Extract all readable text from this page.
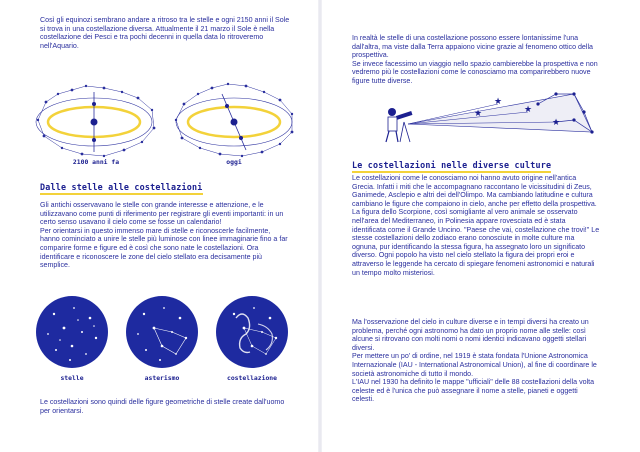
Così gli equinozi sembrano andare a ritroso tra le stelle e ogni 2150 anni il Sole si trova in una costellazione diversa. Attualmente il 21 marzo il Sole è nella costellazione dei Pesci e tra pochi decenni in quella data lo ritroveremo nell'Aquario.
2100 anni fa	oggi
Dalle stelle alle costellazioni

Gli antichi osservavano le stelle con grande interesse e attenzione, e le utilizzavano come punti di riferimento per registrare gli eventi importanti: in un certo senso usavano il cielo come se fosse un calendario!

Per orientarsi in questo immenso mare di stelle e riconoscerle facilmente, hanno cominciato a unire le stelle più luminose con linee immaginarie fino a far comparire forme e figure ed è così che sono nate le costellazioni. Ora identificare e riconoscere le zone del cielo stellato era decisamente più semplice.

stelle	asterismo	costellazione
Le costellazioni sono quindi delle figure geometriche di stelle create dall'uomo per orientarsi.

In realtà le stelle di una costellazione possono essere lontanissime l'una dall'altra, ma viste dalla Terra appaiono vicine grazie al fenomeno ottico della prospettiva.

Se invece facessimo un viaggio nello spazio cambierebbe la prospettiva e non vedremo più le costellazioni come le conosciamo ma comparirebbero nuove figure tutte diverse.

★
★
★
★
Le costellazioni nelle diverse culture
Le costellazioni come le conosciamo noi hanno avuto origine nell'antica Grecia. Infatti i miti che le accompagnano raccontano le vicissitudini di Zeus, Ganimede, Asclepio e altri dei dell'Olimpo. Ma cambiando latitudine e cultura cambiano le figure che compaiono in cielo, anche per effetto della prospettiva. La figura dello Scorpione, così somigliante al vero animale se osservato nell'area del Mediterraneo, in Polinesia appare rovesciata ed è stata identificata come il Grande Uncino. "Paese che vai, costellazione che trovi!" Le stesse costellazioni dello zodiaco erano conosciute in molte culture ma ognuna, pur identificando la stessa figura, ha assegnato loro un significato diverso. Ogni popolo ha visto nel cielo stellato la figura dei propri eroi e attraverso le leggende ha cercato di spiegare fenomeni astronomici e naturali un tempo molto misteriosi.

Ma l'osservazione del cielo in culture diverse e in tempi diversi ha creato un problema, perché ogni astronomo ha dato un proprio nome alle stelle: così alcune si ritrovano con molti nomi o nomi identici indicavano oggetti stellari diversi.

Per mettere un po' di ordine, nel 1919 è stata fondata l'Unione Astronomica Internazionale (IAU - International Astronomical Union), al fine di coordinare le società astronomiche di tutto il mondo.

L'IAU nel 1930 ha definito le mappe "ufficiali" delle 88 costellazioni della volta celeste ed è l'unica che può assegnare il nome a stelle, pianeti e oggetti celesti.
